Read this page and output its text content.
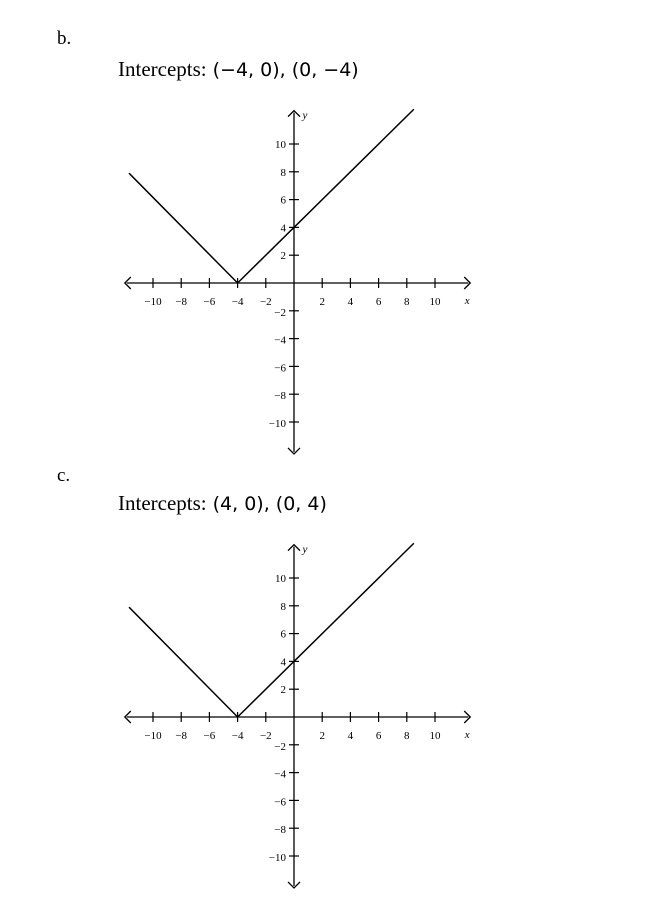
b.
Intercepts: (−4, 0), (0, −4)
−10 −8 −6 −4 −2	2 4 6 8 10
−10
−8
−6
−4
−2
2
4
6
8
10
x
y
c.
Intercepts: (4, 0), (0, 4)
−10 −8 −6 −4 −2	2 4 6 8 10
−10
−8
−6
−4
−2
2
4
6
8
10
x
y
